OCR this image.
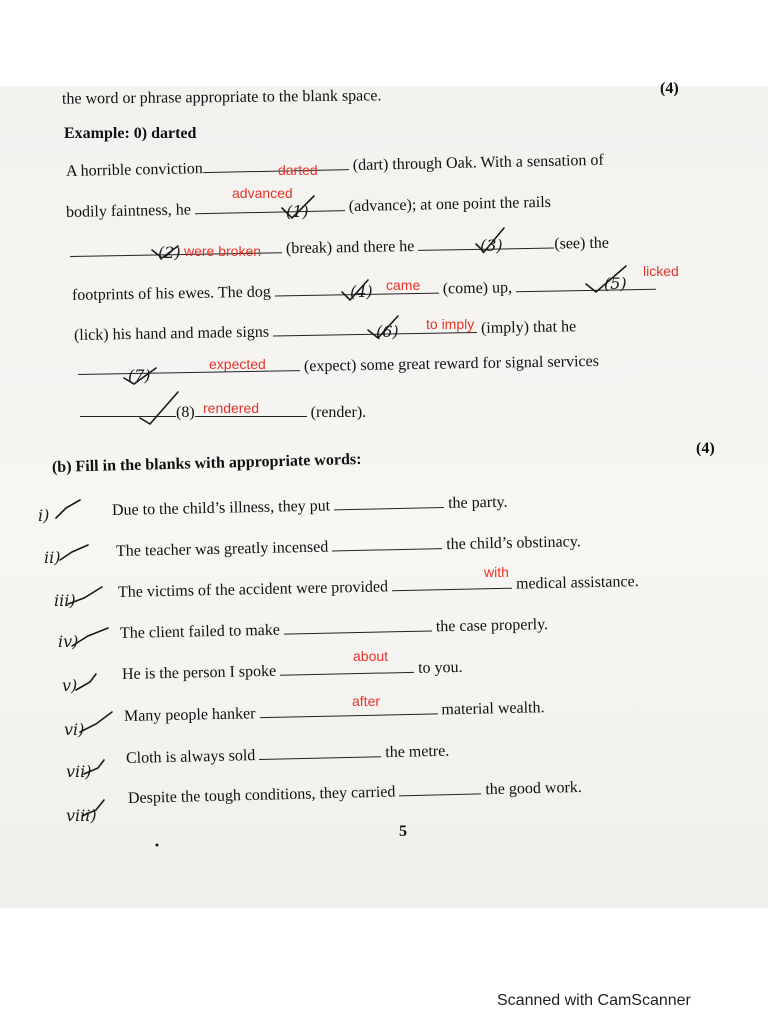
the word or phrase appropriate to the blank space.	(4)
Example: 0) darted
A horrible conviction	(dart) through Oak. With a sensation of
darted
advanced
bodily faintness, he	(advance); at one point the rails
(1)
(break) and there he	(see) the
(2) were broken	(3)
licked
footprints of his ewes. The dog	(come) up,
(4) came	(5)
(lick) his hand and made signs	(imply) that he
(6) to imply
expected	(expect) some great reward for signal services
(7)
(8)	(render).
rendered
(4)
(b) Fill in the blanks with appropriate words:
i)	Due to the child’s illness, they put	the party.
ii)	The teacher was greatly incensed	the child’s obstinacy.
iii)
with
The victims of the accident were provided	medical assistance.
iv)	The client failed to make	the case properly.
v)
about
He is the person I spoke	to you.
vi)
after
Many people hanker	material wealth.
vii)
Cloth is always sold	the metre.
viii)
Despite the tough conditions, they carried	the good work.
5
Scanned with CamScanner
